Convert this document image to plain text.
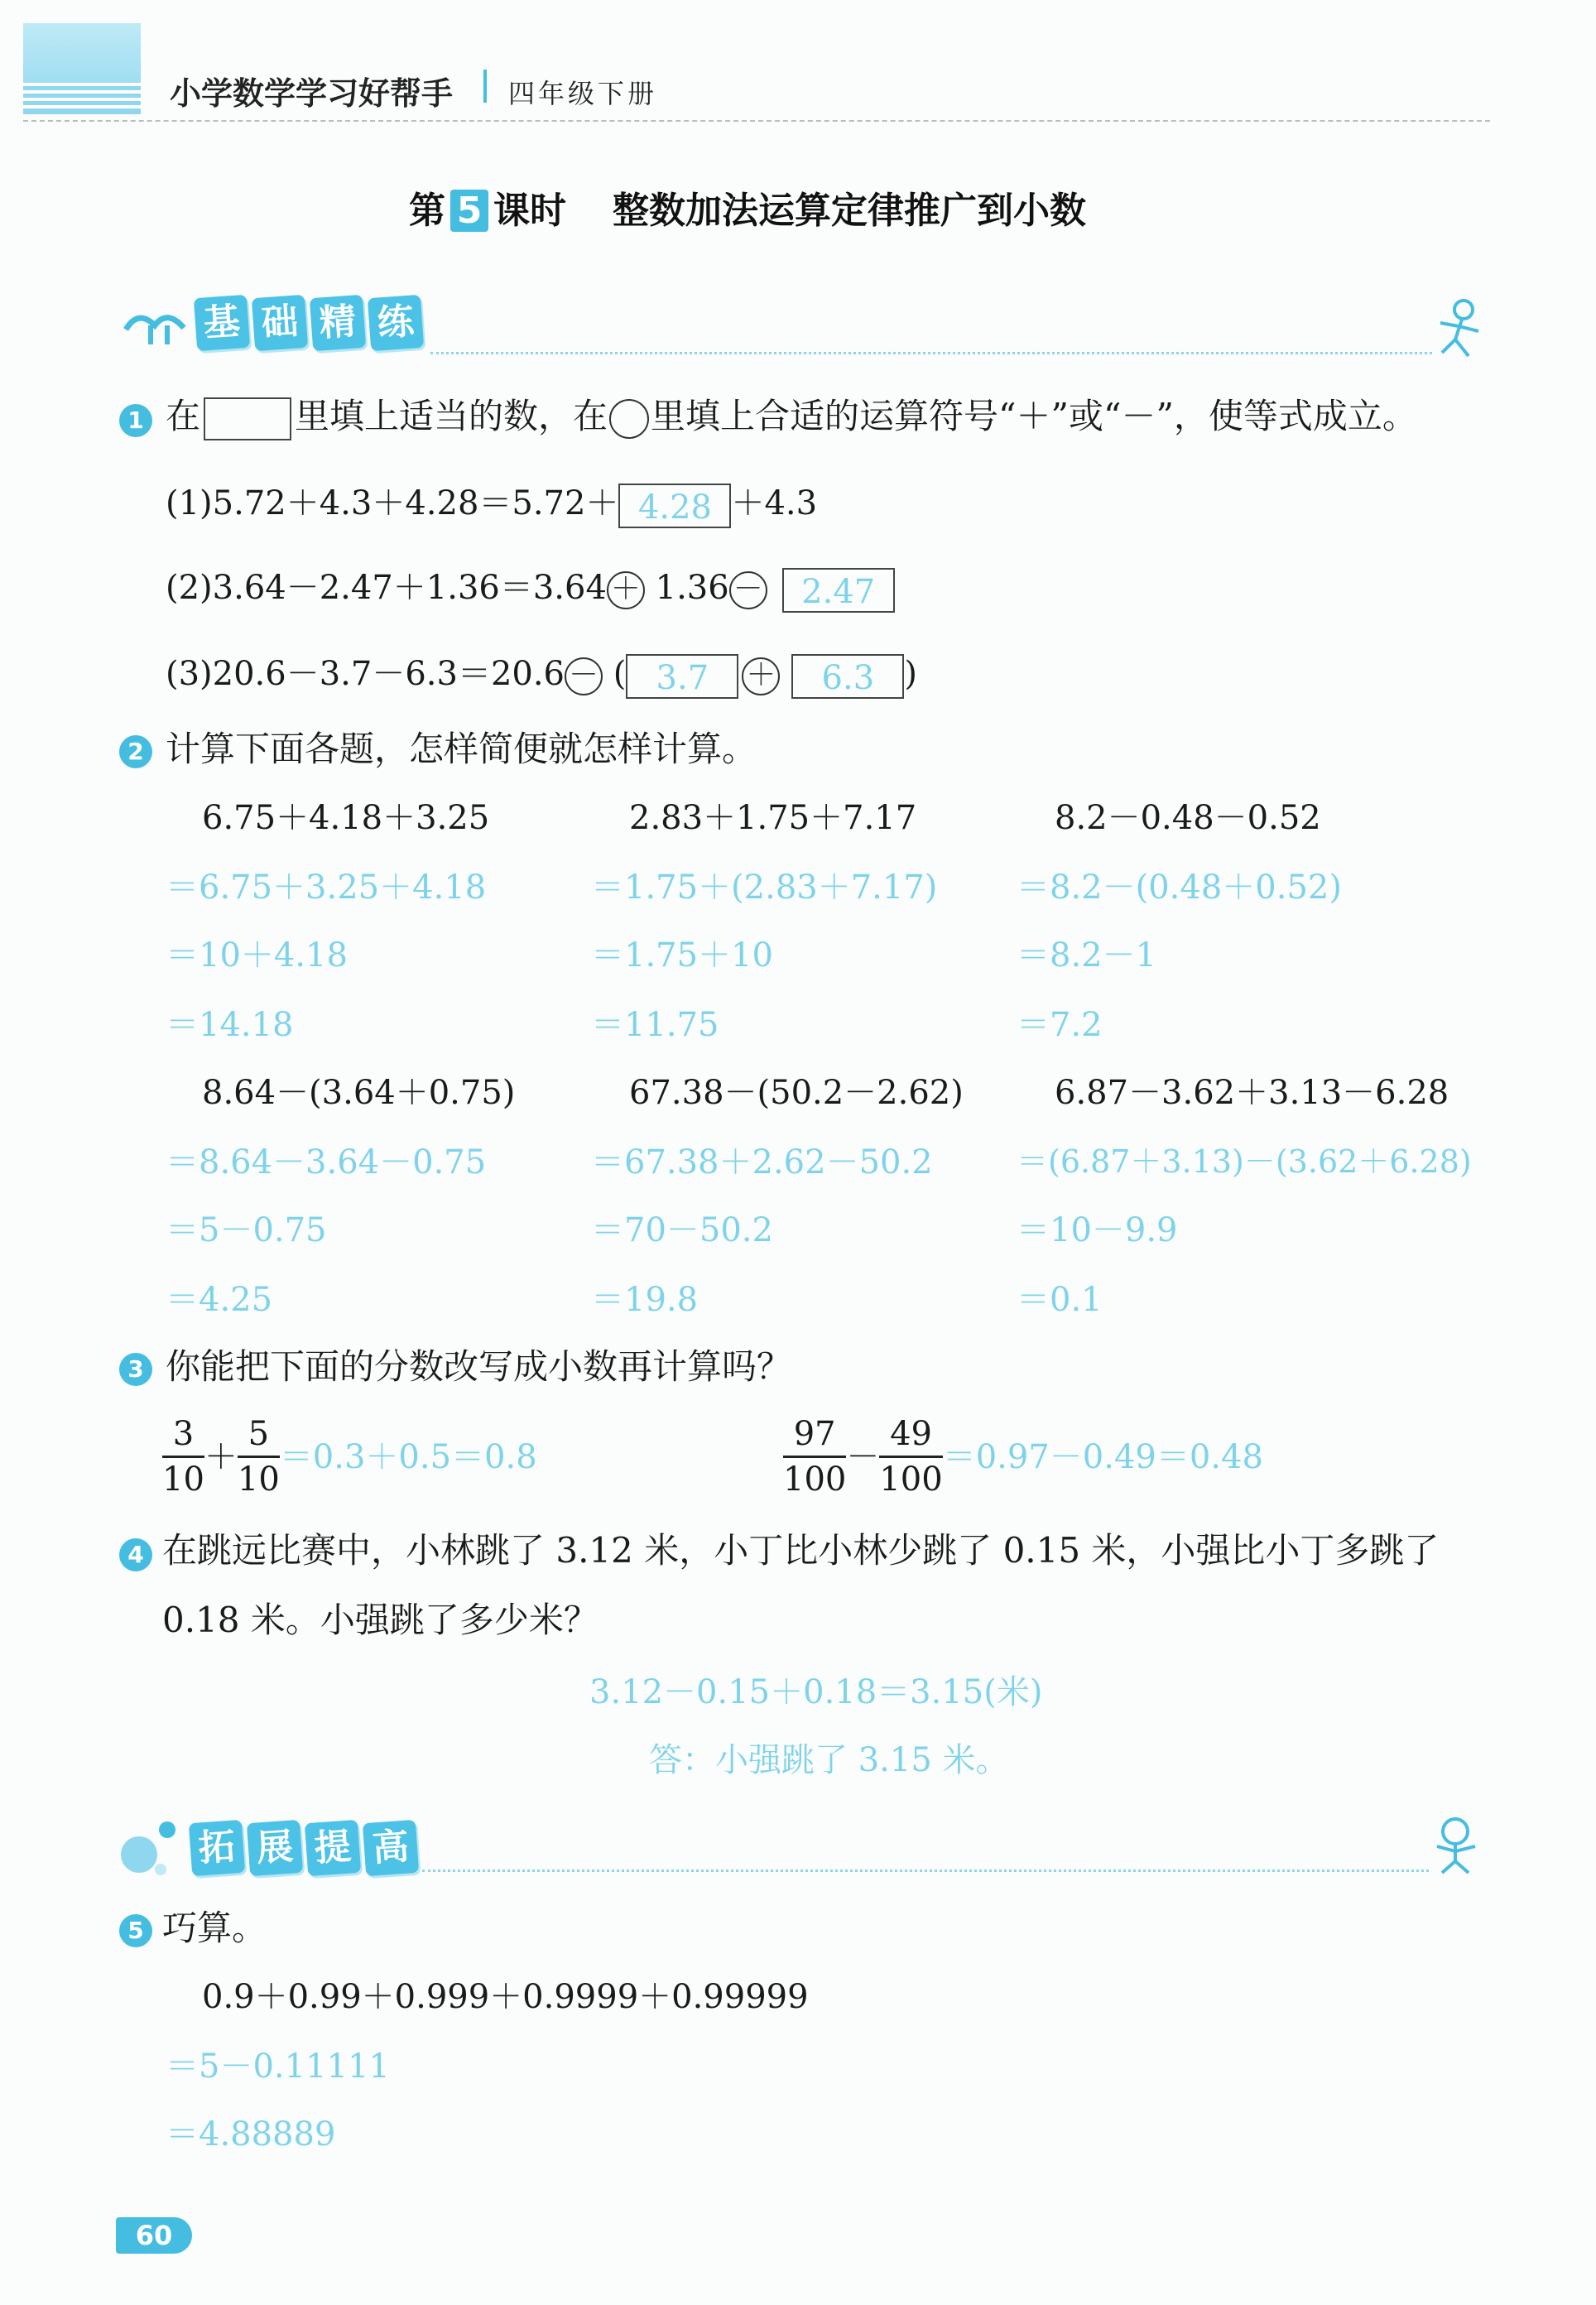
小学数学学习好帮手 四年级下册
第 5 课时 整数加法运算定律推广到小数
基 础 精 练
1 在	里填上适当的数，在 里填上合适的运算符号“＋”或“－”，使等式成立。
(1)5.72＋4.3＋4.28＝5.72＋ 4.28 ＋4.3
(2)3.64－2.47＋1.36＝3.64 ＋ 1.36 － 2.47
(3)20.6－3.7－6.3＝20.6 － ( 3.7 ＋ 6.3 )
2 计算下面各题，怎样简便就怎样计算。
6.75＋4.18＋3.25
＝6.75＋3.25＋4.18
＝10＋4.18
＝14.18
2.83＋1.75＋7.17
＝1.75＋(2.83＋7.17)
＝1.75＋10
＝11.75
8.2－0.48－0.52
＝8.2－(0.48＋0.52)
＝8.2－1
＝7.2
8.64－(3.64＋0.75)
＝8.64－3.64－0.75
＝5－0.75
＝4.25
67.38－(50.2－2.62)
＝67.38＋2.62－50.2
＝70－50.2
＝19.8
6.87－3.62＋3.13－6.28
＝(6.87＋3.13)－(3.62＋6.28)
＝10－9.9
＝0.1
3 你能把下面的分数改写成小数再计算吗？
$\frac{3}{10} + \frac{5}{10} =0.3+0.5=0.8$	$\frac{97}{100} - \frac{49}{100} =0.97-0.49=0.48$
4 在跳远比赛中，小林跳了 3.12 米，小丁比小林少跳了 0.15 米，小强比小丁多跳了
0.18 米。小强跳了多少米？
3.12－0.15＋0.18＝3.15(米)
答：小强跳了 3.15 米。
拓 展 提 高
5 巧算。
0.9＋0.99＋0.999＋0.9999＋0.99999
＝5－0.11111
＝4.88889
60
